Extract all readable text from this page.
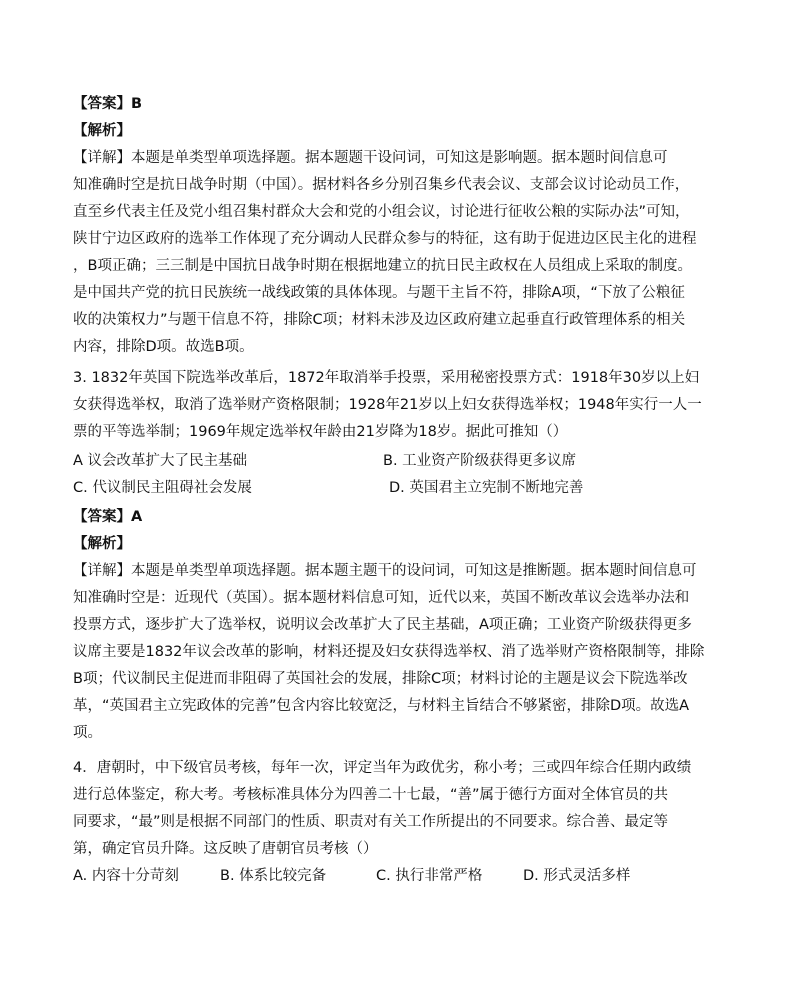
【答案】B
【解析】
【详解】本题是单类型单项选择题。据本题题干设问词，可知这是影响题。据本题时间信息可
知准确时空是抗日战争时期（中国）。据材料各乡分别召集乡代表会议、支部会议讨论动员工作，
直至乡代表主任及党小组召集村群众大会和党的小组会议，讨论进行征收公粮的实际办法”可知，
陕甘宁边区政府的选举工作体现了充分调动人民群众参与的特征，这有助于促进边区民主化的进程
，B项正确；三三制是中国抗日战争时期在根据地建立的抗日民主政权在人员组成上采取的制度。
是中国共产党的抗日民族统一战线政策的具体体现。与题干主旨不符，排除A项，“下放了公粮征
收的决策权力”与题干信息不符，排除C项；材料未涉及边区政府建立起垂直行政管理体系的相关
内容，排除D项。故选B项。
3. 1832年英国下院选举改革后，1872年取消举手投票，采用秘密投票方式：1918年30岁以上妇
女获得选举权，取消了选举财产资格限制；1928年21岁以上妇女获得选举权；1948年实行一人一
票的平等选举制；1969年规定选举权年龄由21岁降为18岁。据此可推知（）
A 议会改革扩大了民主基础	B. 工业资产阶级获得更多议席
C. 代议制民主阻碍社会发展	D. 英国君主立宪制不断地完善
【答案】A
【解析】
【详解】本题是单类型单项选择题。据本题主题干的设问词，可知这是推断题。据本题时间信息可
知准确时空是：近现代（英国）。据本题材料信息可知，近代以来，英国不断改革议会选举办法和
投票方式，逐步扩大了选举权，说明议会改革扩大了民主基础，A项正确；工业资产阶级获得更多
议席主要是1832年议会改革的影响，材料还提及妇女获得选举权、消了选举财产资格限制等，排除
B项；代议制民主促进而非阻碍了英国社会的发展，排除C项；材料讨论的主题是议会下院选举改
革，“英国君主立宪政体的完善”包含内容比较宽泛，与材料主旨结合不够紧密，排除D项。故选A
项。
4．唐朝时，中下级官员考核，每年一次，评定当年为政优劣，称小考；三或四年综合任期内政绩
进行总体鉴定，称大考。考核标准具体分为四善二十七最，“善”属于德行方面对全体官员的共
同要求，“最”则是根据不同部门的性质、职责对有关工作所提出的不同要求。综合善、最定等
第，确定官员升降。这反映了唐朝官员考核（）
A. 内容十分苛刻	B. 体系比较完备	C. 执行非常严格	D. 形式灵活多样
